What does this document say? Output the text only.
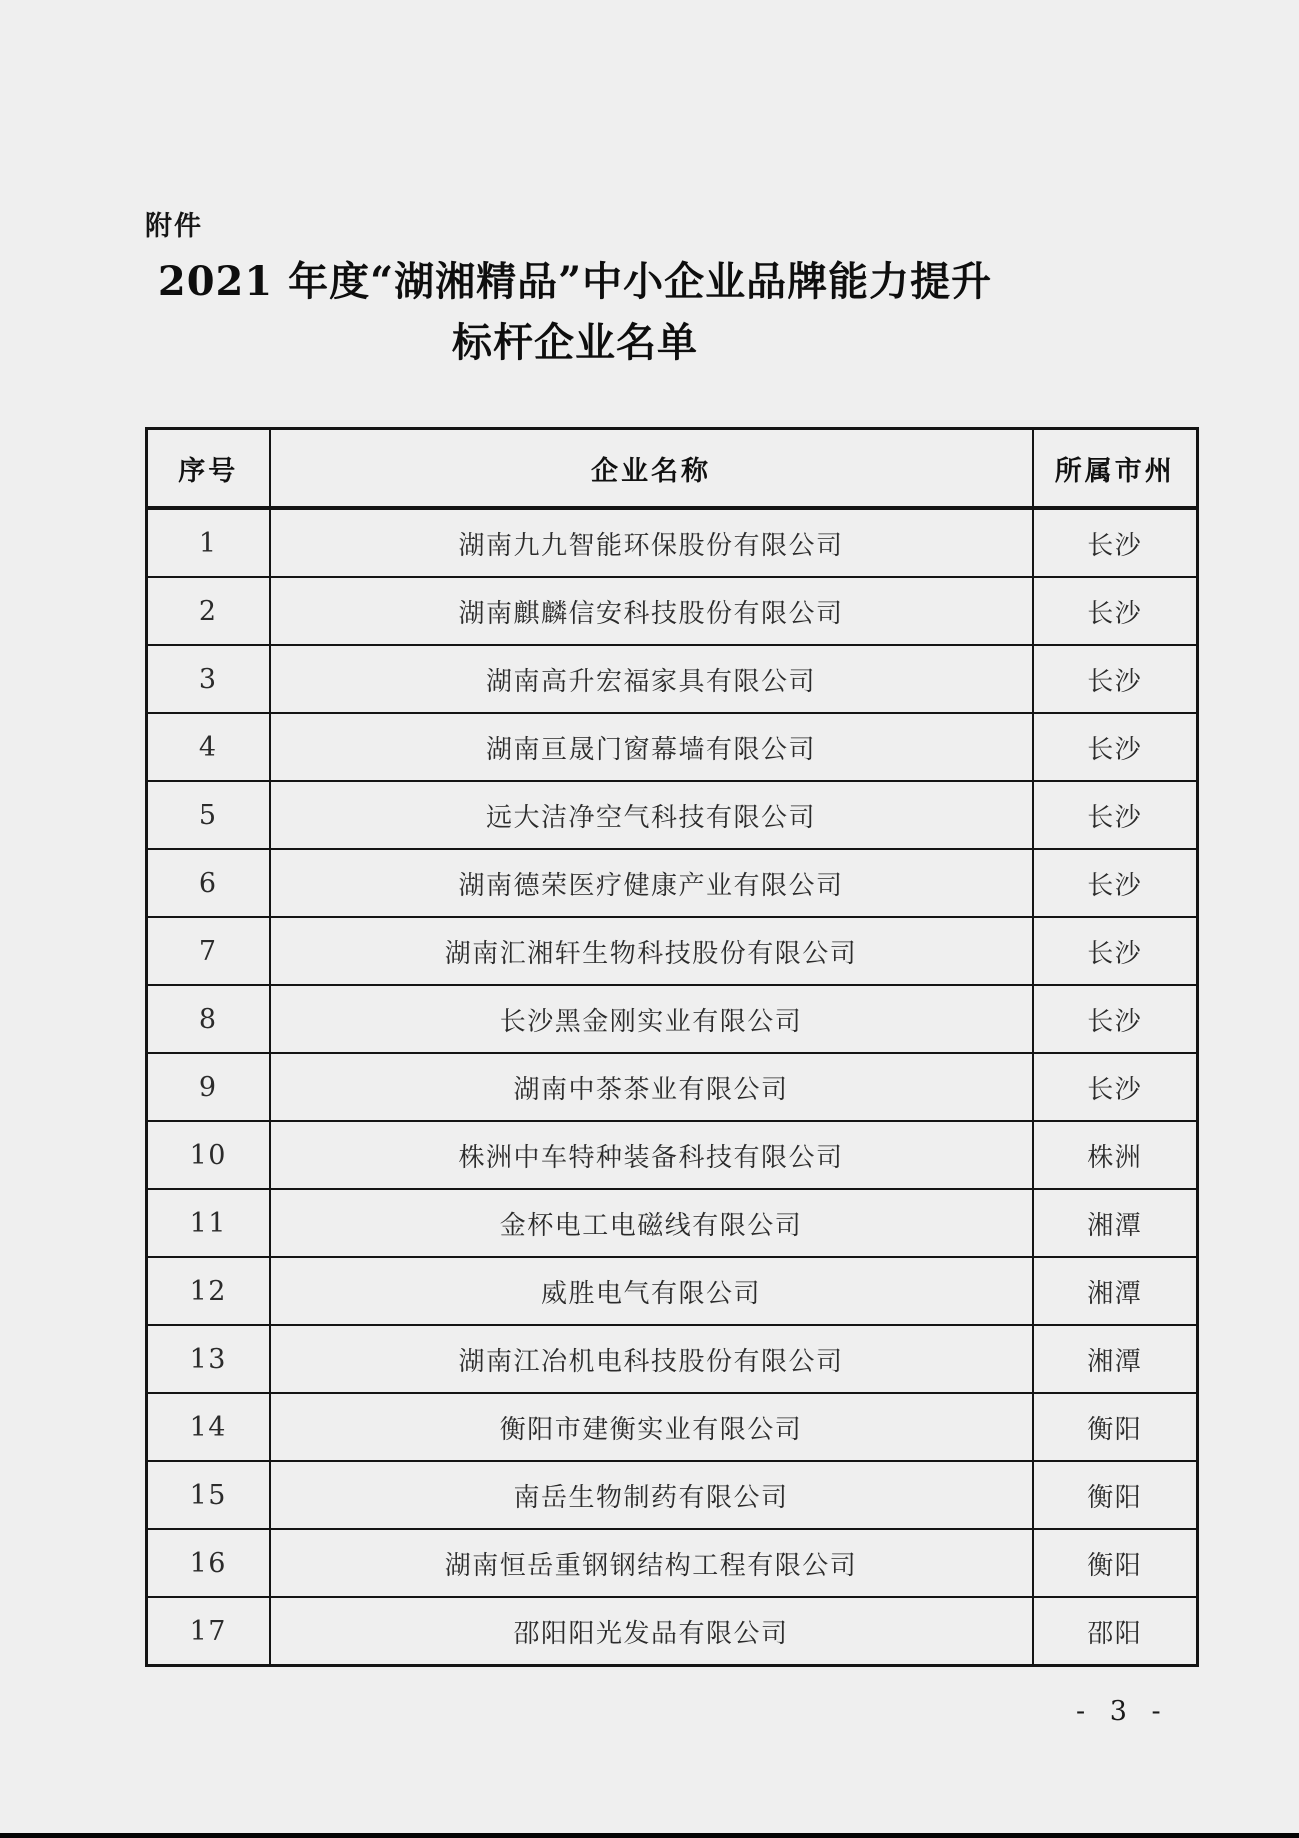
附件
2021 年度“湖湘精品”中小企业品牌能力提升
标杆企业名单
序号	企业名称	所属市州
1	湖南九九智能环保股份有限公司	长沙
2	湖南麒麟信安科技股份有限公司	长沙
3	湖南高升宏福家具有限公司	长沙
4	湖南亘晟门窗幕墙有限公司	长沙
5	远大洁净空气科技有限公司	长沙
6	湖南德荣医疗健康产业有限公司	长沙
7	湖南汇湘轩生物科技股份有限公司	长沙
8	长沙黑金刚实业有限公司	长沙
9	湖南中茶茶业有限公司	长沙
10	株洲中车特种装备科技有限公司	株洲
11	金杯电工电磁线有限公司	湘潭
12	威胜电气有限公司	湘潭
13	湖南江冶机电科技股份有限公司	湘潭
14	衡阳市建衡实业有限公司	衡阳
15	南岳生物制药有限公司	衡阳
16	湖南恒岳重钢钢结构工程有限公司	衡阳
17	邵阳阳光发品有限公司	邵阳
- 3 -
